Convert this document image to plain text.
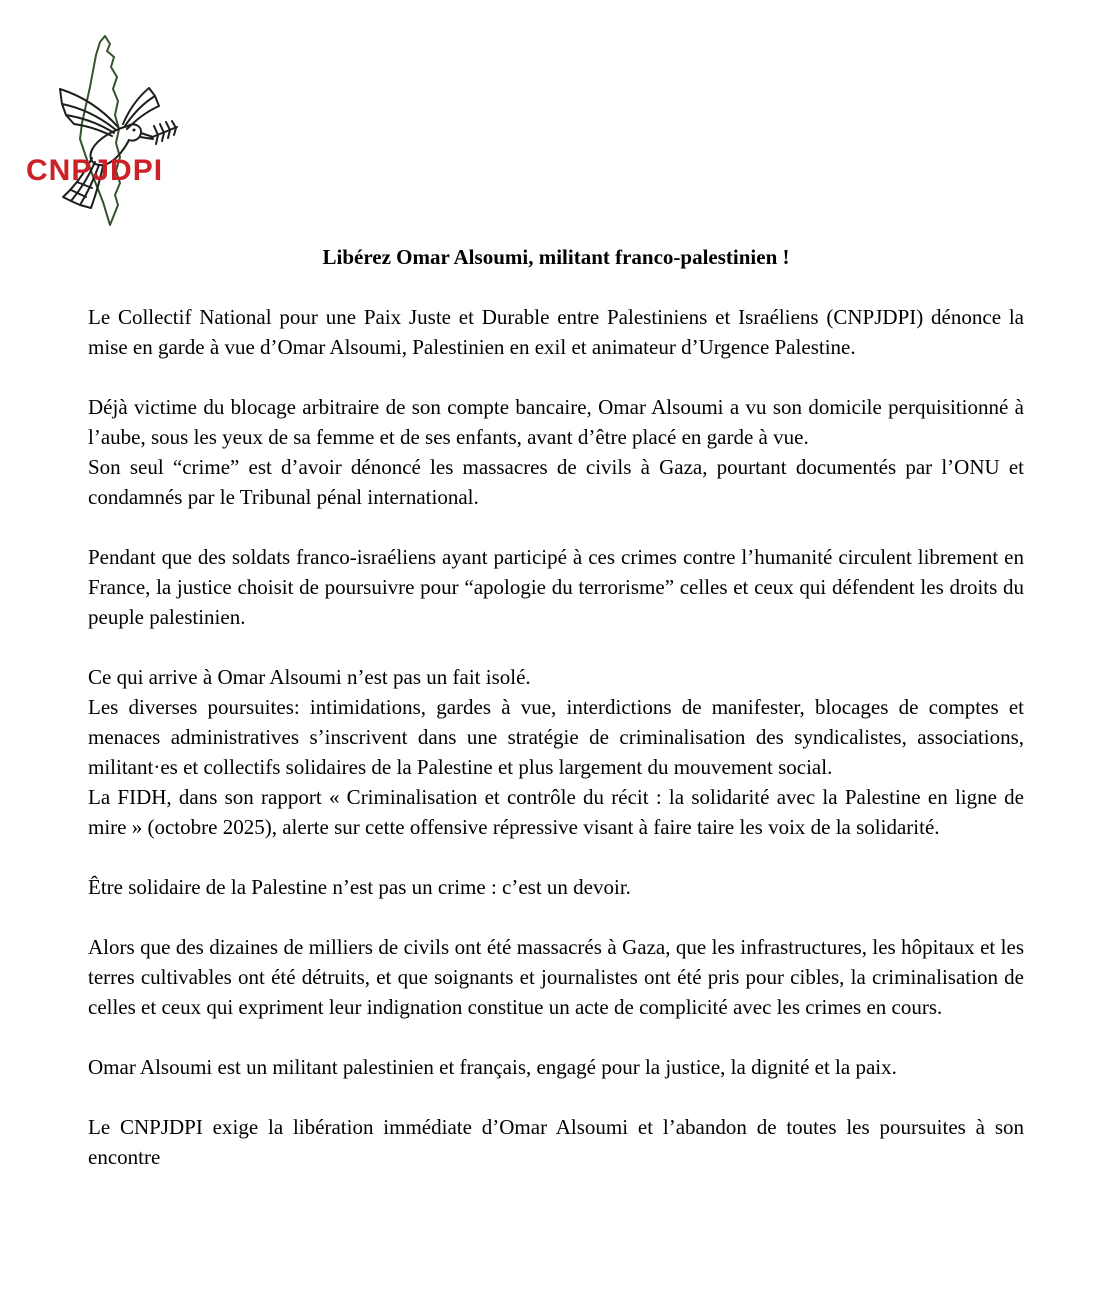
CNPJDPI
Libérez Omar Alsoumi, militant franco-palestinien !

Le Collectif National pour une Paix Juste et Durable entre Palestiniens et Israéliens (CNPJDPI) dénonce la mise en garde à vue d’Omar Alsoumi, Palestinien en exil et animateur d’Urgence Palestine.

Déjà victime du blocage arbitraire de son compte bancaire, Omar Alsoumi a vu son domicile perquisitionné à l’aube, sous les yeux de sa femme et de ses enfants, avant d’être placé en garde à vue.

Son seul “crime” est d’avoir dénoncé les massacres de civils à Gaza, pourtant documentés par l’ONU et condamnés par le Tribunal pénal international.

Pendant que des soldats franco-israéliens ayant participé à ces crimes contre l’humanité circulent librement en France, la justice choisit de poursuivre pour “apologie du terrorisme” celles et ceux qui défendent les droits du peuple palestinien.

Ce qui arrive à Omar Alsoumi n’est pas un fait isolé.

Les diverses poursuites: intimidations, gardes à vue, interdictions de manifester, blocages de comptes et menaces administratives s’inscrivent dans une stratégie de criminalisation des syndicalistes, associations, militant·es et collectifs solidaires de la Palestine et plus largement du mouvement social.

La FIDH, dans son rapport « Criminalisation et contrôle du récit : la solidarité avec la Palestine en ligne de mire » (octobre 2025), alerte sur cette offensive répressive visant à faire taire les voix de la solidarité.

Être solidaire de la Palestine n’est pas un crime : c’est un devoir.

Alors que des dizaines de milliers de civils ont été massacrés à Gaza, que les infrastructures, les hôpitaux et les terres cultivables ont été détruits, et que soignants et journalistes ont été pris pour cibles, la criminalisation de celles et ceux qui expriment leur indignation constitue un acte de complicité avec les crimes en cours.

Omar Alsoumi est un militant palestinien et français, engagé pour la justice, la dignité et la paix.

Le CNPJDPI exige la libération immédiate d’Omar Alsoumi et l’abandon de toutes les poursuites à son encontre
